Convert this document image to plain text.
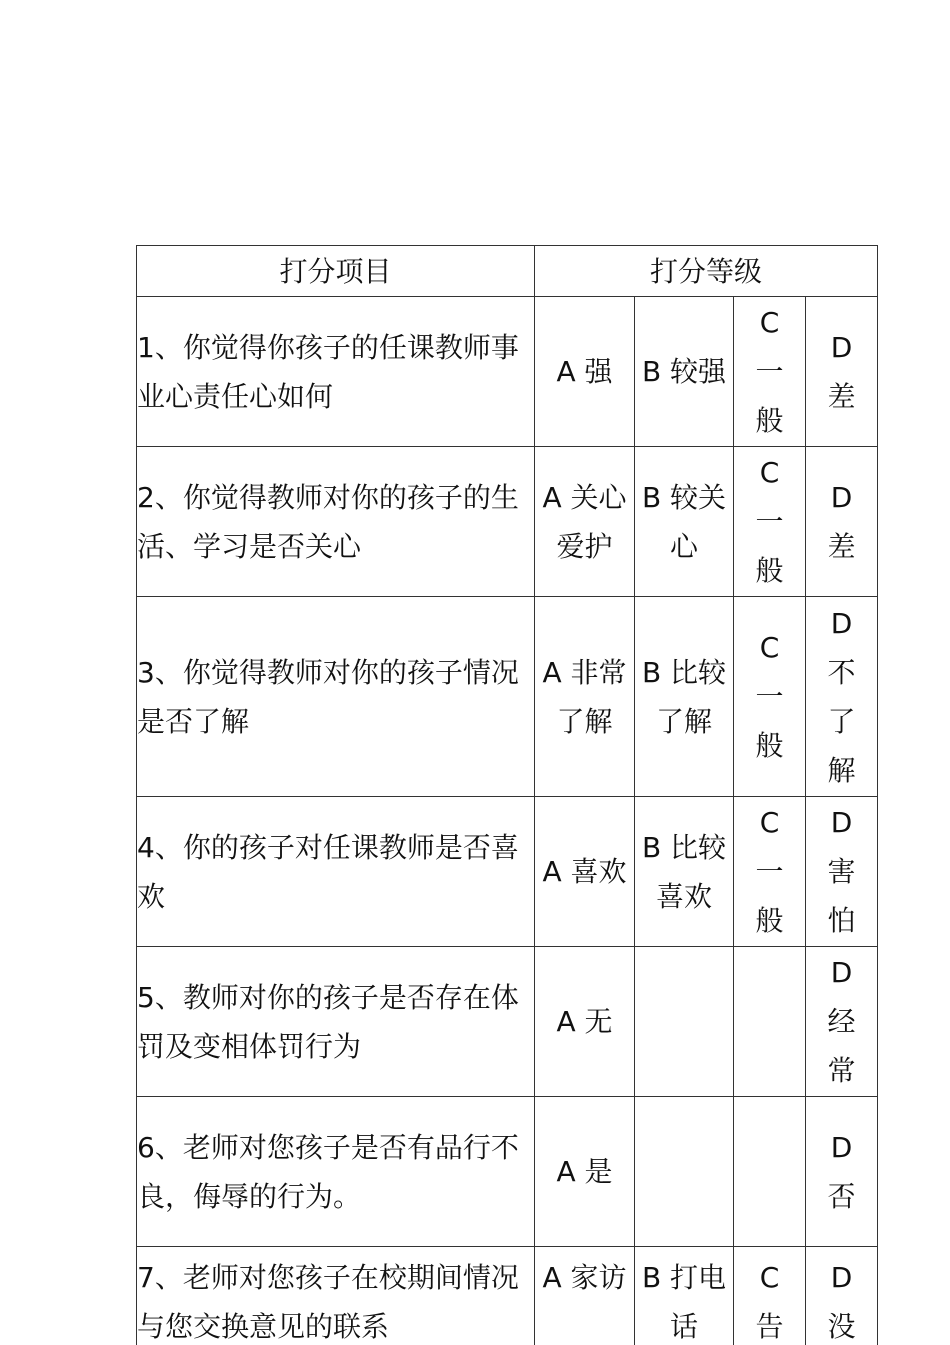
打分项目	打分等级			
1、你觉得你孩子的任课教师事业心责任心如何	A 强	B 较强	C 一般	D 差
2、你觉得教师对你的孩子的生活、学习是否关心	A 关心爱护	B 较关心	C 一般	D 差
3、你觉得教师对你的孩子情况是否了解	A 非常了解	B 比较了解	C 一般	D 不了解
4、你的孩子对任课教师是否喜欢	A 喜欢	B 比较喜欢	C 一般	D 害怕
5、教师对你的孩子是否存在体罚及变相体罚行为	A 无			D 经常
6、老师对您孩子是否有品行不良，侮辱的行为。	A 是			D 否
7、老师对您孩子在校期间情况与您交换意见的联系	A 家访	B 打电话	C 告	D 没
